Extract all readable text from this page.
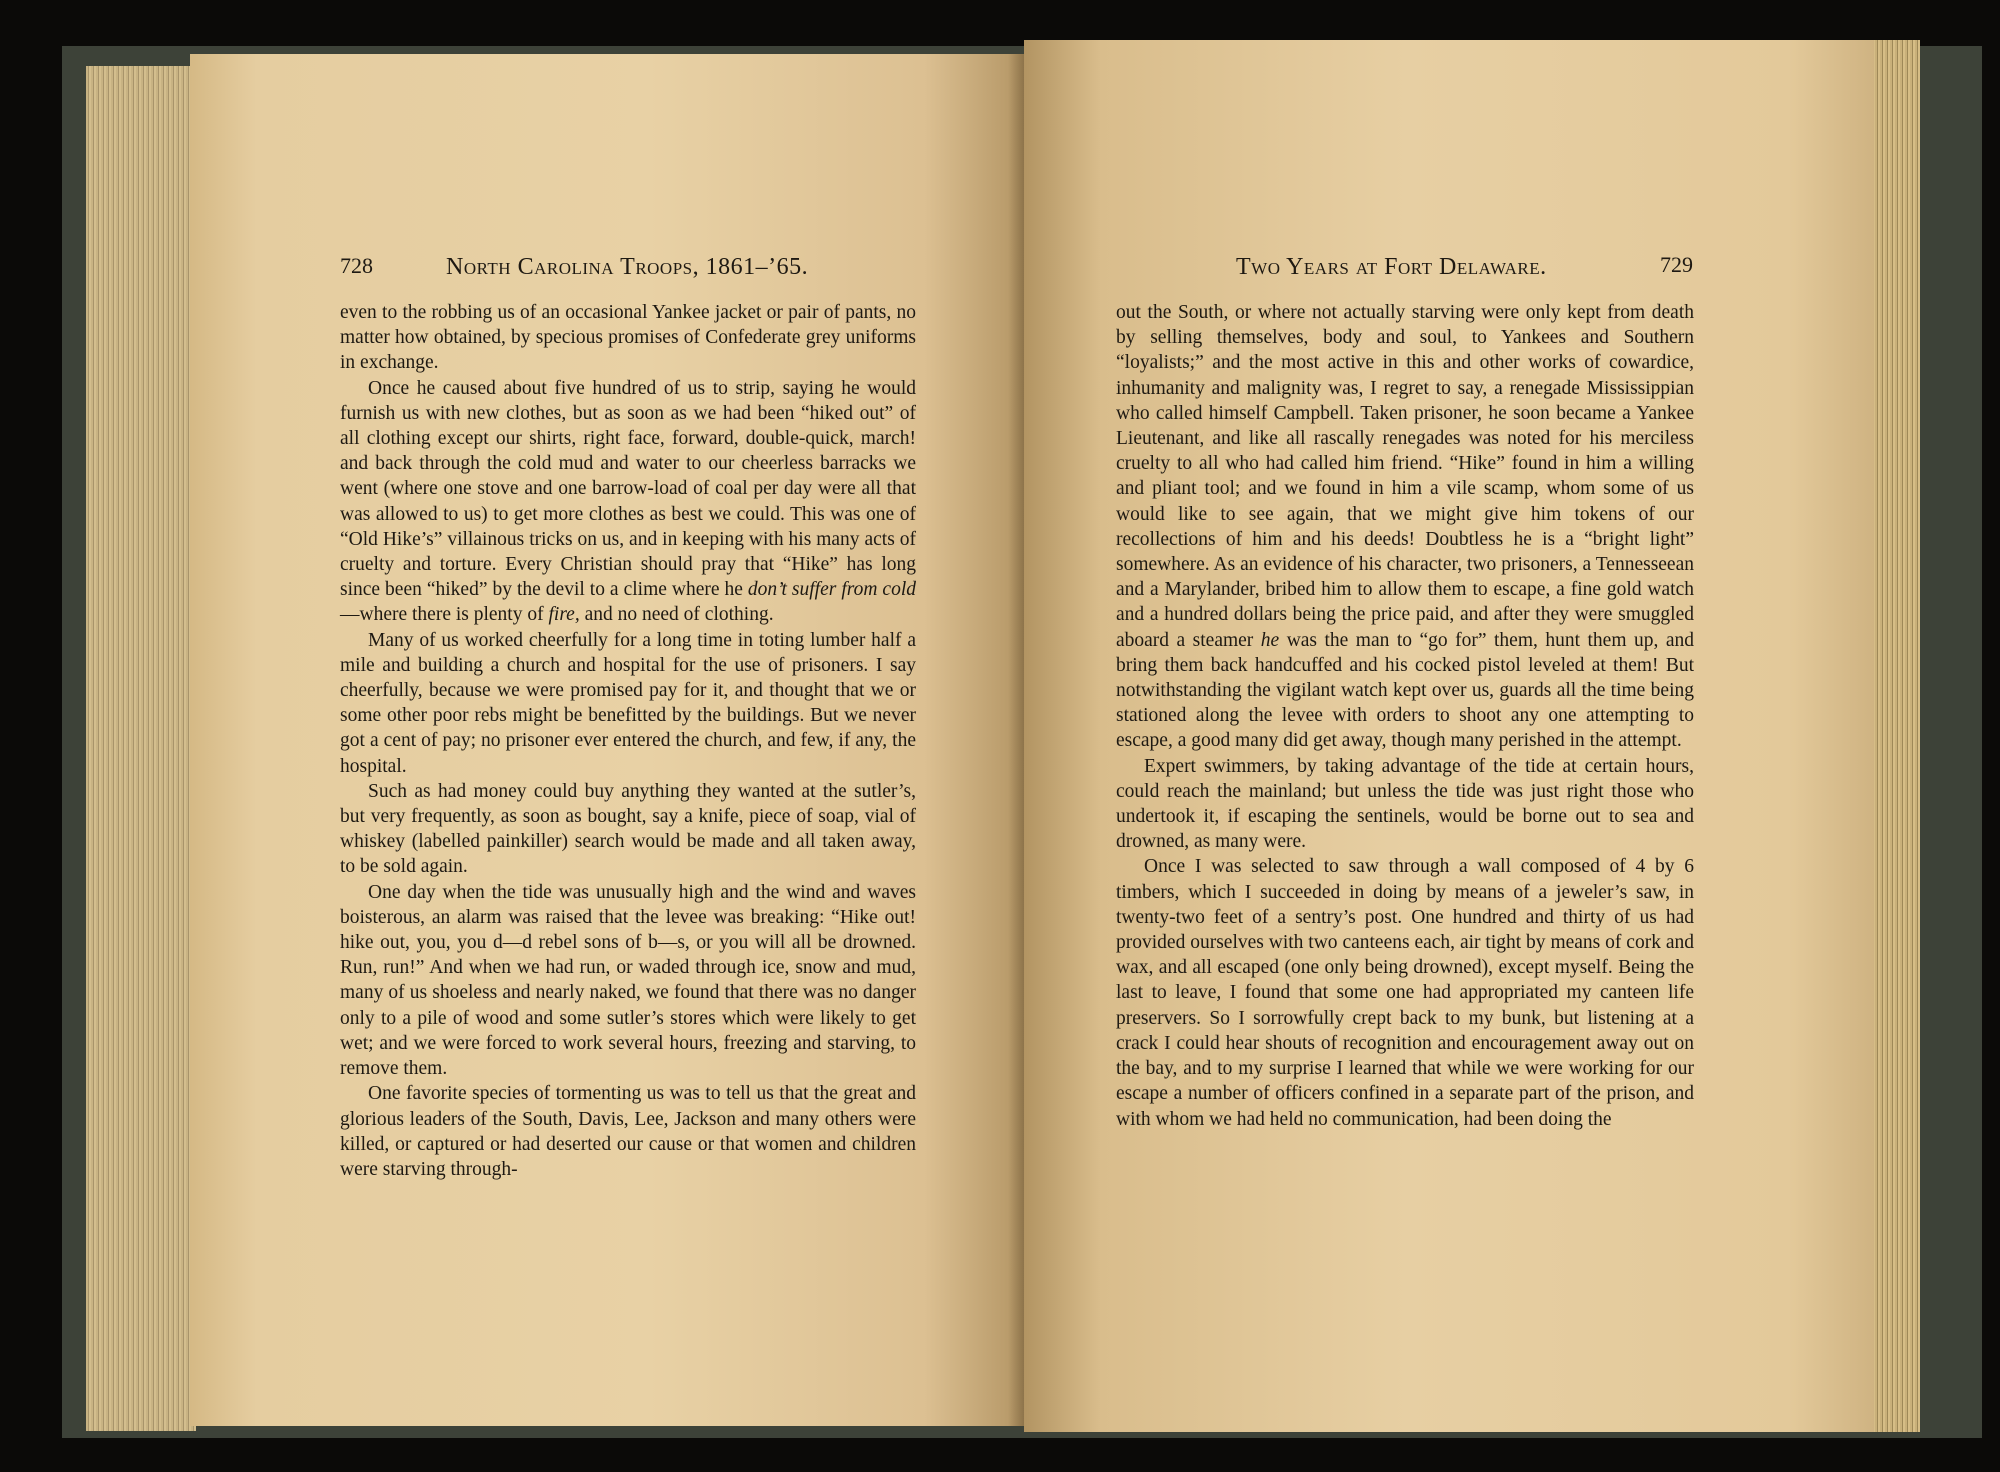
728	North Carolina Troops, 1861–’65.

even to the robbing us of an occasional Yankee jacket or pair of pants, no matter how obtained, by specious promises of Confederate grey uniforms in exchange.

Once he caused about five hundred of us to strip, saying he would furnish us with new clothes, but as soon as we had been “hiked out” of all clothing except our shirts, right face, forward, double-quick, march! and back through the cold mud and water to our cheerless barracks we went (where one stove and one barrow-load of coal per day were all that was allowed to us) to get more clothes as best we could. This was one of “Old Hike’s” villainous tricks on us, and in keeping with his many acts of cruelty and torture. Every Christian should pray that “Hike” has long since been “hiked” by the devil to a clime where he don’t suffer from cold—where there is plenty of fire, and no need of clothing.

Many of us worked cheerfully for a long time in toting lumber half a mile and building a church and hospital for the use of prisoners. I say cheerfully, because we were promised pay for it, and thought that we or some other poor rebs might be benefitted by the buildings. But we never got a cent of pay; no prisoner ever entered the church, and few, if any, the hospital.

Such as had money could buy anything they wanted at the sutler’s, but very frequently, as soon as bought, say a knife, piece of soap, vial of whiskey (labelled painkiller) search would be made and all taken away, to be sold again.

One day when the tide was unusually high and the wind and waves boisterous, an alarm was raised that the levee was breaking: “Hike out! hike out, you, you d—d rebel sons of b—s, or you will all be drowned. Run, run!” And when we had run, or waded through ice, snow and mud, many of us shoeless and nearly naked, we found that there was no danger only to a pile of wood and some sutler’s stores which were likely to get wet; and we were forced to work several hours, freezing and starving, to remove them.

One favorite species of tormenting us was to tell us that the great and glorious leaders of the South, Davis, Lee, Jackson and many others were killed, or captured or had deserted our cause or that women and children were starving through-

Two Years at Fort Delaware.	729

out the South, or where not actually starving were only kept from death by selling themselves, body and soul, to Yankees and Southern “loyalists;” and the most active in this and other works of cowardice, inhumanity and malignity was, I regret to say, a renegade Mississippian who called himself Campbell. Taken prisoner, he soon became a Yankee Lieutenant, and like all rascally renegades was noted for his merciless cruelty to all who had called him friend. “Hike” found in him a willing and pliant tool; and we found in him a vile scamp, whom some of us would like to see again, that we might give him tokens of our recollections of him and his deeds! Doubtless he is a “bright light” somewhere. As an evidence of his character, two prisoners, a Tennesseean and a Marylander, bribed him to allow them to escape, a fine gold watch and a hundred dollars being the price paid, and after they were smuggled aboard a steamer he was the man to “go for” them, hunt them up, and bring them back handcuffed and his cocked pistol leveled at them! But notwithstanding the vigilant watch kept over us, guards all the time being stationed along the levee with orders to shoot any one attempting to escape, a good many did get away, though many perished in the attempt.

Expert swimmers, by taking advantage of the tide at certain hours, could reach the mainland; but unless the tide was just right those who undertook it, if escaping the sentinels, would be borne out to sea and drowned, as many were.

Once I was selected to saw through a wall composed of 4 by 6 timbers, which I succeeded in doing by means of a jeweler’s saw, in twenty-two feet of a sentry’s post. One hundred and thirty of us had provided ourselves with two canteens each, air tight by means of cork and wax, and all escaped (one only being drowned), except myself. Being the last to leave, I found that some one had appropriated my canteen life preservers. So I sorrowfully crept back to my bunk, but listening at a crack I could hear shouts of recognition and encouragement away out on the bay, and to my surprise I learned that while we were working for our escape a number of officers confined in a separate part of the prison, and with whom we had held no communication, had been doing the
